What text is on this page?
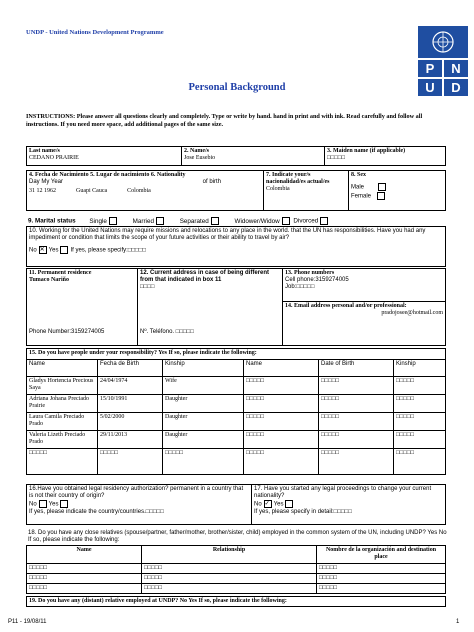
UNDP - United Nations Development Programme
P N
U D
Personal Background
INSTRUCTIONS: Please answer all questions clearly and completely. Type or write by hand. hand in print and with ink. Read carefully and follow all instructions. If you need more space, add additional pages of the same size.
Last name/s
CEDANO PRAIRIE

2. Name/s
Jose Eusebio

3. Maiden name (if applicable)
□□□□□
4. Fecha de Nacimiento 5. Lugar de nacimiento 6. Nationality
Day My Year	of birth
31 12 1962	Guapi Cauca	Colombia

7. Indicate your/s nacionalidad/es actual/es
Colombia

8. Sex
Male
Female
9. Marital status Single	Married	Separated	Widower/Widow Divorced
10. Working for the United Nations may require missions and relocations to any place in the world. that the UN has responsibilities. Have you had any impediment or condition that limits the scope of your future activities or their ability to travel by air?
No ✕ Yes If yes, please specify:□□□□□
11. Permanent residence
Tumaco Nariño
Phone Number:3159274005

12. Current address in case of being different from that indicated in box 11
□□□□
Nº. Teléfono. □□□□□

13. Phone numbers
Cell phone:3159274005
Job:□□□□□

14. Email address personal and/or professional:
pradojosee@hotmail.com
15. Do you have people under your responsibility? Yes If so, please indicate the following:					
Name	Fecha de Birth	Kinship	Name	Date of Birth	Kinship
Gladys Hortencia Precious Saya	24/04/1974	Wife	□□□□□	□□□□□	□□□□□
Adriana Johana Preciado Prairie	15/10/1991	Daughter	□□□□□	□□□□□	□□□□□
Laura Camila Preciado Prado	5/02/2000	Daughter	□□□□□	□□□□□	□□□□□
Valeria Lizeth Preciado Prado	29/11/2013	Daughter	□□□□□	□□□□□	□□□□□
□□□□□	□□□□□	□□□□□	□□□□□	□□□□□	□□□□□
16.Have you obtained legal residency authorization? permanent in a country that is not their country of origin?
No Yes
If yes, please indicate the country/countries.□□□□□

17. Have you started any legal proceedings to change your current nationality?
No ✓ Yes
If yes, please specify in detail:□□□□□
18. Do you have any close relatives (spouse/partner, father/mother, brother/sister, child) employed in the common system of the UN, including UNDP? Yes No If so, please indicate the following:
Name	Relationship	Nombre de la organización and destination place
□□□□□	□□□□□	□□□□□
□□□□□	□□□□□	□□□□□
□□□□□	□□□□□	□□□□□
19. Do you have any (distant) relative employed at UNDP? No Yes If so, please indicate the following:
P11 - 19/08/11	1
